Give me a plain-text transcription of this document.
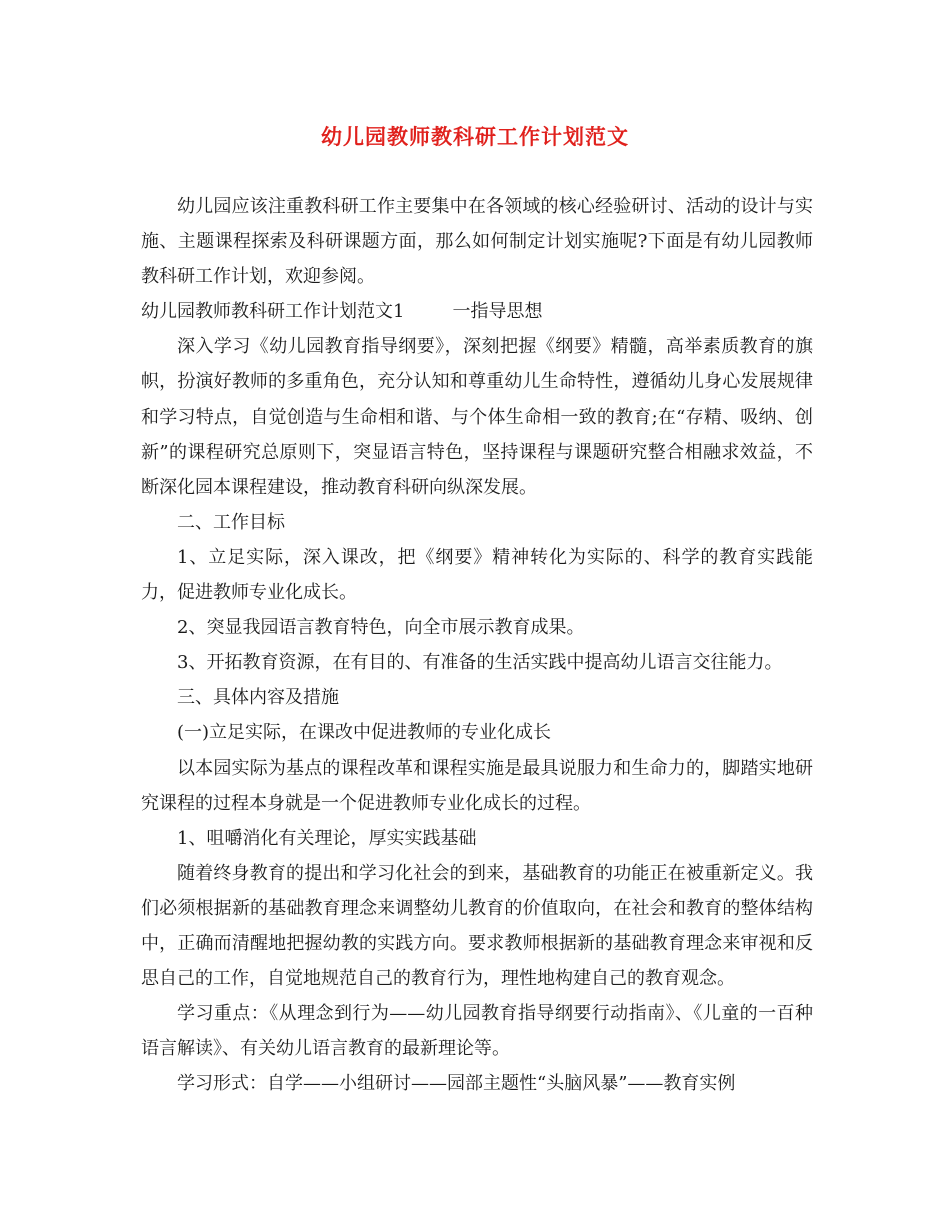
幼儿园教师教科研工作计划范文

幼儿园应该注重教科研工作主要集中在各领域的核心经验研讨、活动的设计与实施、主题课程探索及科研课题方面，那么如何制定计划实施呢?下面是有幼儿园教师教科研工作计划，欢迎参阅。

幼儿园教师教科研工作计划范文1	一指导思想

深入学习《幼儿园教育指导纲要》，深刻把握《纲要》精髓，高举素质教育的旗帜，扮演好教师的多重角色，充分认知和尊重幼儿生命特性，遵循幼儿身心发展规律和学习特点，自觉创造与生命相和谐、与个体生命相一致的教育;在“存精、吸纳、创新”的课程研究总原则下，突显语言特色，坚持课程与课题研究整合相融求效益，不断深化园本课程建设，推动教育科研向纵深发展。

二、工作目标

1、立足实际，深入课改，把《纲要》精神转化为实际的、科学的教育实践能力，促进教师专业化成长。

2、突显我园语言教育特色，向全市展示教育成果。

3、开拓教育资源，在有目的、有准备的生活实践中提高幼儿语言交往能力。

三、具体内容及措施

(一)立足实际，在课改中促进教师的专业化成长

以本园实际为基点的课程改革和课程实施是最具说服力和生命力的，脚踏实地研究课程的过程本身就是一个促进教师专业化成长的过程。

1、咀嚼消化有关理论，厚实实践基础

随着终身教育的提出和学习化社会的到来，基础教育的功能正在被重新定义。我们必须根据新的基础教育理念来调整幼儿教育的价值取向，在社会和教育的整体结构中，正确而清醒地把握幼教的实践方向。要求教师根据新的基础教育理念来审视和反思自己的工作，自觉地规范自己的教育行为，理性地构建自己的教育观念。

学习重点：《从理念到行为——幼儿园教育指导纲要行动指南》、《儿童的一百种语言解读》、有关幼儿语言教育的最新理论等。

学习形式：自学——小组研讨——园部主题性“头脑风暴”——教育实例
